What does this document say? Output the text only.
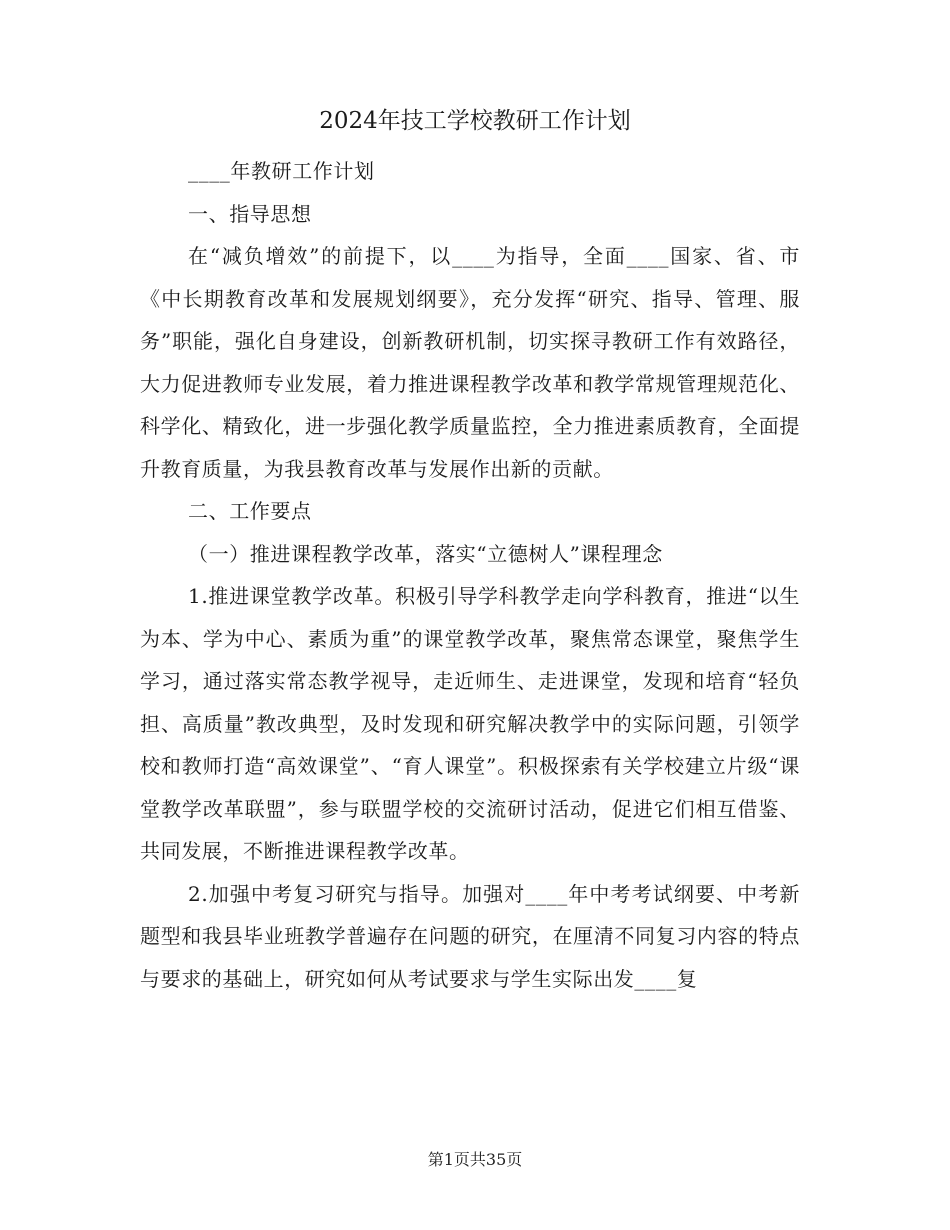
2024年技工学校教研工作计划

____年教研工作计划

一、指导思想

在“减负增效”的前提下，以____为指导，全面____国家、省、市《中长期教育改革和发展规划纲要》，充分发挥“研究、指导、管理、服务”职能，强化自身建设，创新教研机制，切实探寻教研工作有效路径，大力促进教师专业发展，着力推进课程教学改革和教学常规管理规范化、科学化、精致化，进一步强化教学质量监控，全力推进素质教育，全面提升教育质量，为我县教育改革与发展作出新的贡献。

二、工作要点

（一）推进课程教学改革，落实“立德树人”课程理念

1.推进课堂教学改革。积极引导学科教学走向学科教育，推进“以生为本、学为中心、素质为重”的课堂教学改革，聚焦常态课堂，聚焦学生学习，通过落实常态教学视导，走近师生、走进课堂，发现和培育“轻负担、高质量”教改典型，及时发现和研究解决教学中的实际问题，引领学校和教师打造“高效课堂”、“育人课堂”。积极探索有关学校建立片级“课堂教学改革联盟”，参与联盟学校的交流研讨活动，促进它们相互借鉴、共同发展，不断推进课程教学改革。

2.加强中考复习研究与指导。加强对____年中考考试纲要、中考新题型和我县毕业班教学普遍存在问题的研究，在厘清不同复习内容的特点与要求的基础上，研究如何从考试要求与学生实际出发____复

第1页共35页
